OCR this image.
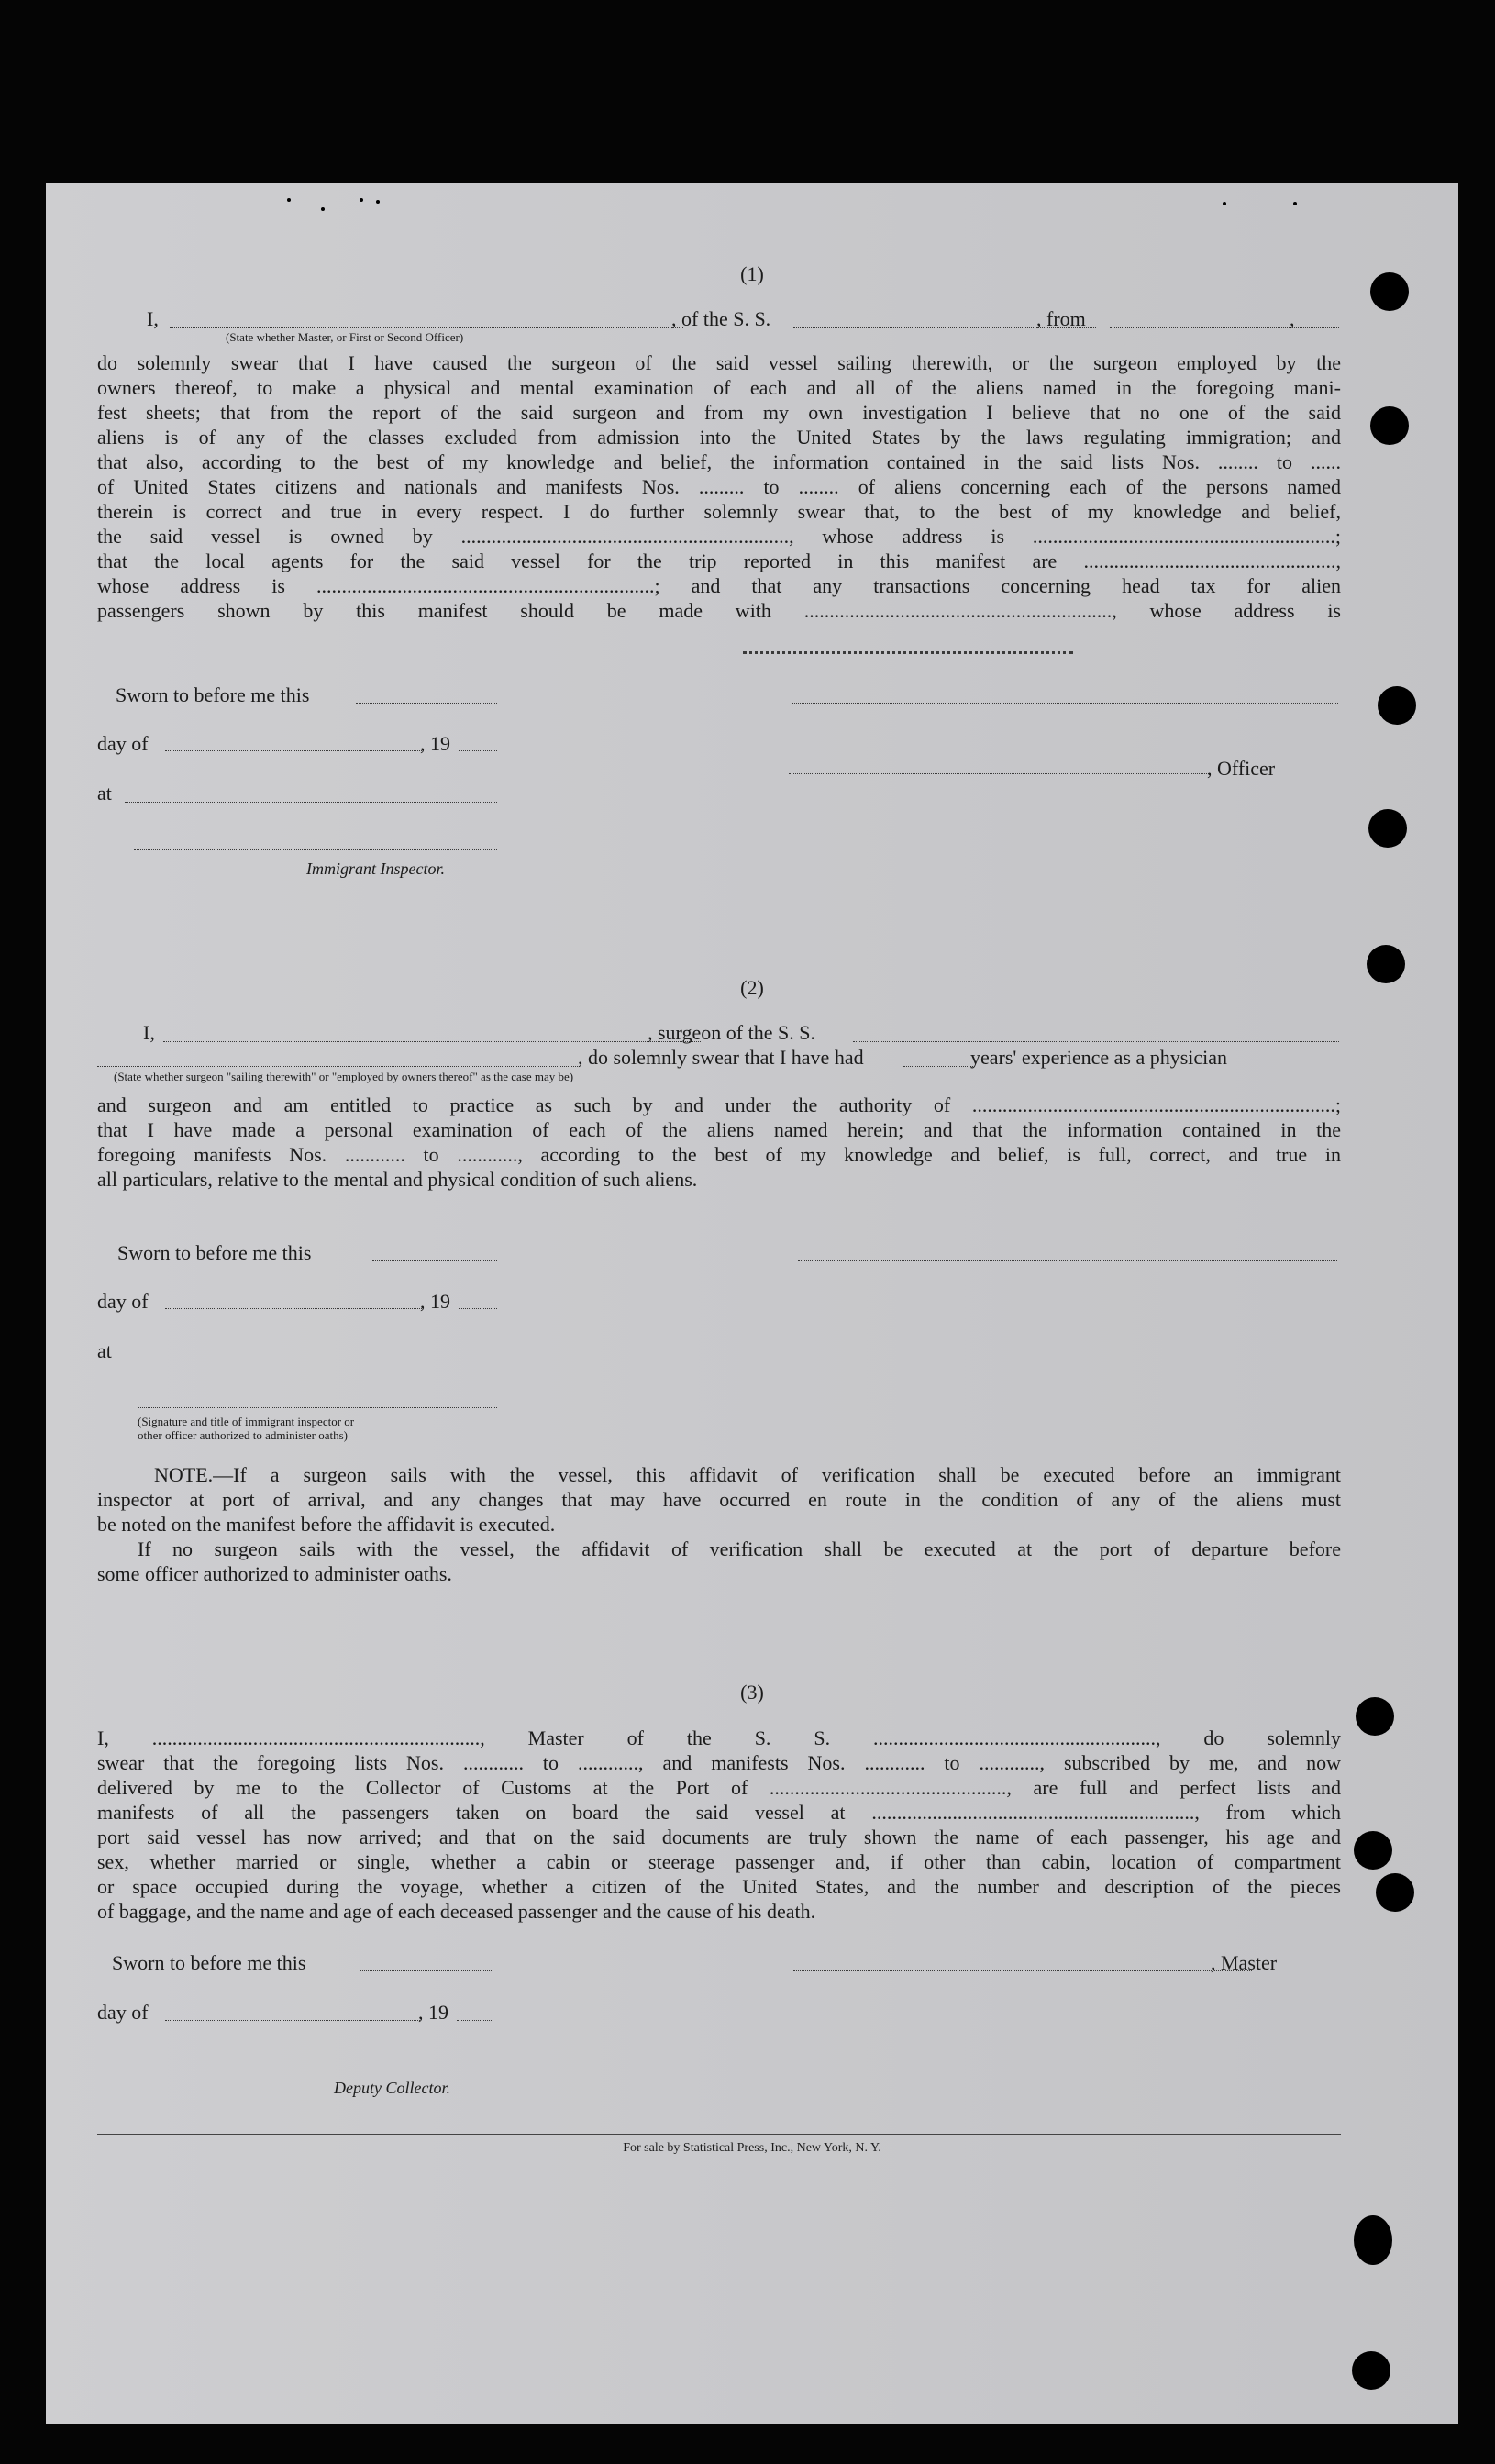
(1)
I,	, of the S. S.	, from	,
(State whether Master, or First or Second Officer)
do solemnly swear that I have caused the surgeon of the said vessel sailing therewith, or the surgeon employed by the
owners thereof, to make a physical and mental examination of each and all of the aliens named in the foregoing mani-
fest sheets; that from the report of the said surgeon and from my own investigation I believe that no one of the said
aliens is of any of the classes excluded from admission into the United States by the laws regulating immigration; and
that also, according to the best of my knowledge and belief, the information contained in the said lists Nos. ........ to ......
of United States citizens and nationals and manifests Nos. ......... to ........ of aliens concerning each of the persons named
therein is correct and true in every respect. I do further solemnly swear that, to the best of my knowledge and belief,
the said vessel is owned by ................................................................., whose address is ............................................................;
that the local agents for the said vessel for the trip reported in this manifest are ..................................................,
whose address is ...................................................................; and that any transactions concerning head tax for alien
passengers shown by this manifest should be made with ............................................................., whose address is
Sworn to before me this
day of	, 19
, Officer
at
Immigrant Inspector.
(2)
I,	, surgeon of the S. S.
, do solemnly swear that I have had	years' experience as a physician
(State whether surgeon "sailing therewith" or "employed by owners thereof" as the case may be)
and surgeon and am entitled to practice as such by and under the authority of ........................................................................;
that I have made a personal examination of each of the aliens named herein; and that the information contained in the
foregoing manifests Nos. ............ to ............, according to the best of my knowledge and belief, is full, correct, and true in
all particulars, relative to the mental and physical condition of such aliens.
Sworn to before me this
day of	, 19
at
(Signature and title of immigrant inspector or
other officer authorized to administer oaths)
NOTE.—If a surgeon sails with the vessel, this affidavit of verification shall be executed before an immigrant
inspector at port of arrival, and any changes that may have occurred en route in the condition of any of the aliens must
be noted on the manifest before the affidavit is executed.
If no surgeon sails with the vessel, the affidavit of verification shall be executed at the port of departure before
some officer authorized to administer oaths.
(3)
I, ................................................................., Master of the S. S. ........................................................, do solemnly
swear that the foregoing lists Nos. ............ to ............, and manifests Nos. ............ to ............, subscribed by me, and now
delivered by me to the Collector of Customs at the Port of ..............................................., are full and perfect lists and
manifests of all the passengers taken on board the said vessel at ................................................................, from which
port said vessel has now arrived; and that on the said documents are truly shown the name of each passenger, his age and
sex, whether married or single, whether a cabin or steerage passenger and, if other than cabin, location of compartment
or space occupied during the voyage, whether a citizen of the United States, and the number and description of the pieces
of baggage, and the name and age of each deceased passenger and the cause of his death.
Sworn to before me this	, Master
day of	, 19
Deputy Collector.
For sale by Statistical Press, Inc., New York, N. Y.
